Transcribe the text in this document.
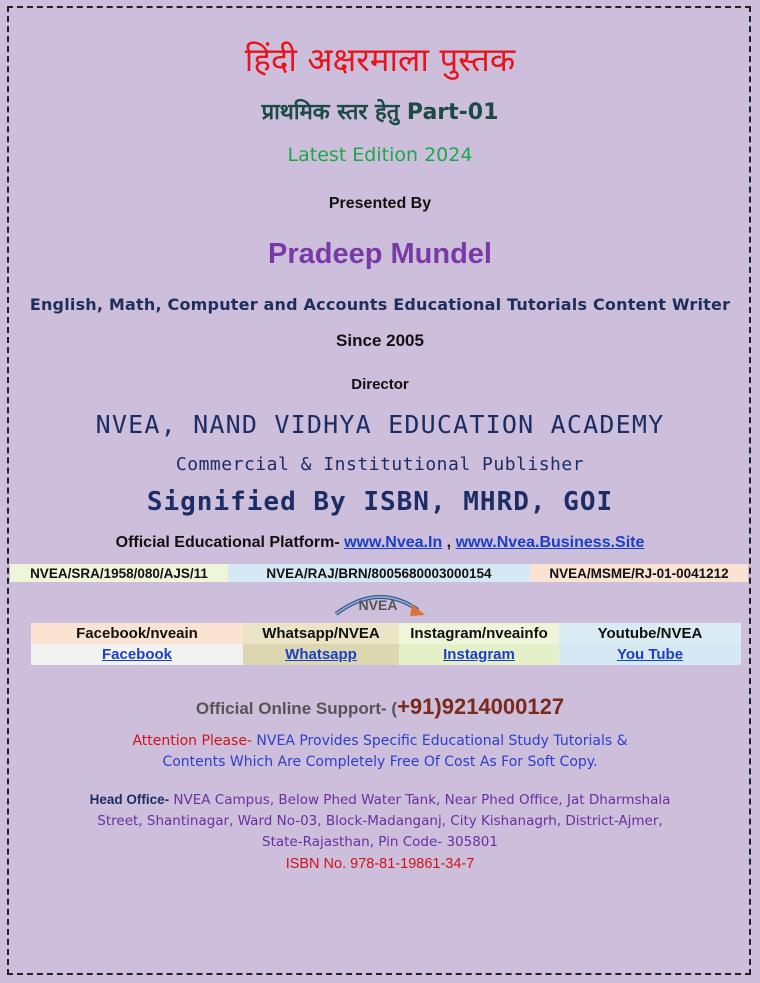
हिंदी अक्षरमाला पुस्तक
प्राथमिक स्तर हेतु Part-01
Latest Edition 2024
Presented By
Pradeep Mundel
English, Math, Computer and Accounts Educational Tutorials Content Writer
Since 2005
Director
NVEA, NAND VIDHYA EDUCATION ACADEMY
Commercial & Institutional Publisher
Signified By ISBN, MHRD, GOI
Official Educational Platform- www.Nvea.In , www.Nvea.Business.Site
NVEA/SRA/1958/080/AJS/11	NVEA/RAJ/BRN/8005680003000154	NVEA/MSME/RJ-01-0041212
NVEA
Facebook/nveain	Whatsapp/NVEA	Instagram/nveainfo	Youtube/NVEA
Facebook	Whatsapp	Instagram	You Tube
Official Online Support- (+91)9214000127
Attention Please- NVEA Provides Specific Educational Study Tutorials &
Contents Which Are Completely Free Of Cost As For Soft Copy.
Head Office- NVEA Campus, Below Phed Water Tank, Near Phed Office, Jat Dharmshala
Street, Shantinagar, Ward No-03, Block-Madanganj, City Kishanagrh, District-Ajmer,
State-Rajasthan, Pin Code- 305801
ISBN No. 978-81-19861-34-7
